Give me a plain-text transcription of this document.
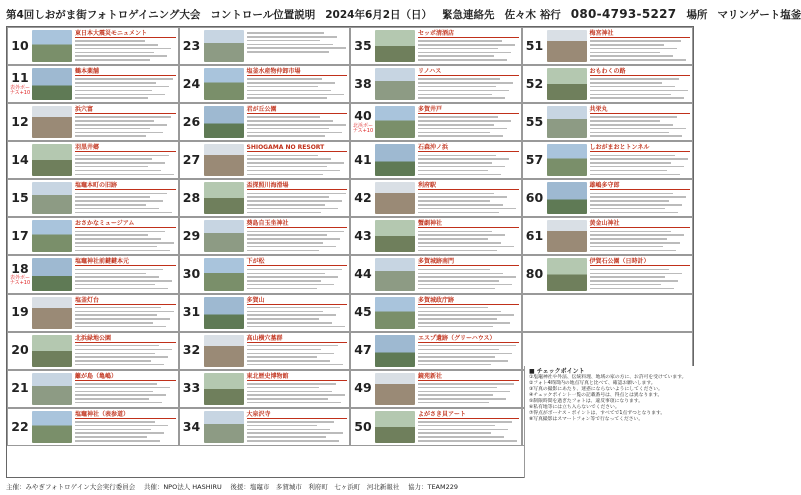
第4回しおがま街フォトロゲイニング大会 コントロール位置説明 2024年6月2日（日） 緊急連絡先 佐々木 裕行 080-4793-5227 場所 マリンゲート塩釜
10
東日本大震災モニュメント
23	35
セッポ清酒店
51
梅宮神社
11
表外ボーナス+10
鶴本薬舗
24
塩釜水産物仲卸市場
38
リノハス
52
おもわくの路
12
浜穴富
26
君が丘公園	40
北浜ボーナス+10
多賀井戸
55
共栄丸
14
羽黒井郷
27
SHIOGAMA NO RESORT
41
石森沖ノ浜
57
しおがまおとトンネル
15
塩竈本町の旧跡
28
盃探照川海滑場
42
利府駅
60
雄嶋多守郎
17
おさかなミュージアム
29
葵島自玉坐神社
43
蟹劇神社
61
黄金山神社
18
表外ボーナス+10
塩竈神社前鍵鍵本元
30
下が松
44
多賀城跡南門
80
伊賀石公園（日時計）
19
塩釜灯台
31
多賀山
45
多賀城政庁跡
20
北浜緑地公園
32
高山横穴墓群
47
エスプ遺跡（グリーハウス）
21
籬が島（亀嶋）
33
東北歴史博物館
49
鏡苑新社
22
塩竈神社（表参道）
34
大泉沢寺
50
よがさき貝アート
■ チェックポイント
①塩竈神社や外法、伝統料理、地域の家の方に、お許可を受けています。
②フォト4時間内の地点写真と比べて、確認お願いします。
③写真の撮影にあたり、迷惑にならないようにしてください。
④チェックポイント一覧の記載番号は、得点とは異なります。
⑤制限時間を過ぎたフォトは、違反事項になります。
⑥私有地等には立ち入らないでください。
⑦得点がボーナス・ポイントは、すべてで1点ずつとなります。
⑧写真撮影はスマートフォン等で行なってください。
主催：みやぎフォトロゲイン大会実行委員会　 共催：NPO法人 HASHIRU　 後援：塩竈市　多賀城市　利府町　七ヶ浜町　河北新報社　 協力：TEAM229
